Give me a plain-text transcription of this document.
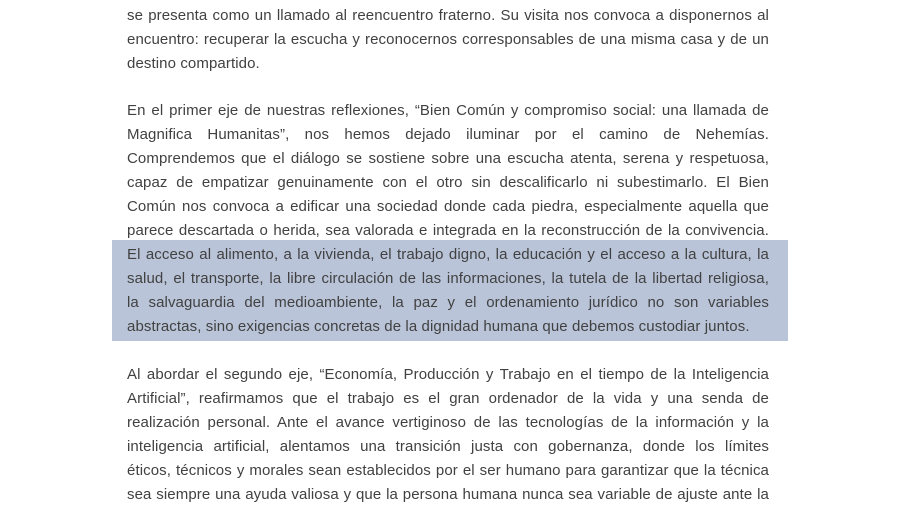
se presenta como un llamado al reencuentro fraterno. Su visita nos convoca a disponernos al
encuentro: recuperar la escucha y reconocernos corresponsables de una misma casa y de un
destino compartido.
En el primer eje de nuestras reflexiones, “Bien Común y compromiso social: una llamada de
Magnifica Humanitas”, nos hemos dejado iluminar por el camino de Nehemías.
Comprendemos que el diálogo se sostiene sobre una escucha atenta, serena y respetuosa,
capaz de empatizar genuinamente con el otro sin descalificarlo ni subestimarlo. El Bien
Común nos convoca a edificar una sociedad donde cada piedra, especialmente aquella que
parece descartada o herida, sea valorada e integrada en la reconstrucción de la convivencia.
El acceso al alimento, a la vivienda, el trabajo digno, la educación y el acceso a la cultura, la
salud, el transporte, la libre circulación de las informaciones, la tutela de la libertad religiosa,
la salvaguardia del medioambiente, la paz y el ordenamiento jurídico no son variables
abstractas, sino exigencias concretas de la dignidad humana que debemos custodiar juntos.
Al abordar el segundo eje, “Economía, Producción y Trabajo en el tiempo de la Inteligencia
Artificial”, reafirmamos que el trabajo es el gran ordenador de la vida y una senda de
realización personal. Ante el avance vertiginoso de las tecnologías de la información y la
inteligencia artificial, alentamos una transición justa con gobernanza, donde los límites
éticos, técnicos y morales sean establecidos por el ser humano para garantizar que la técnica
sea siempre una ayuda valiosa y que la persona humana nunca sea variable de ajuste ante la
